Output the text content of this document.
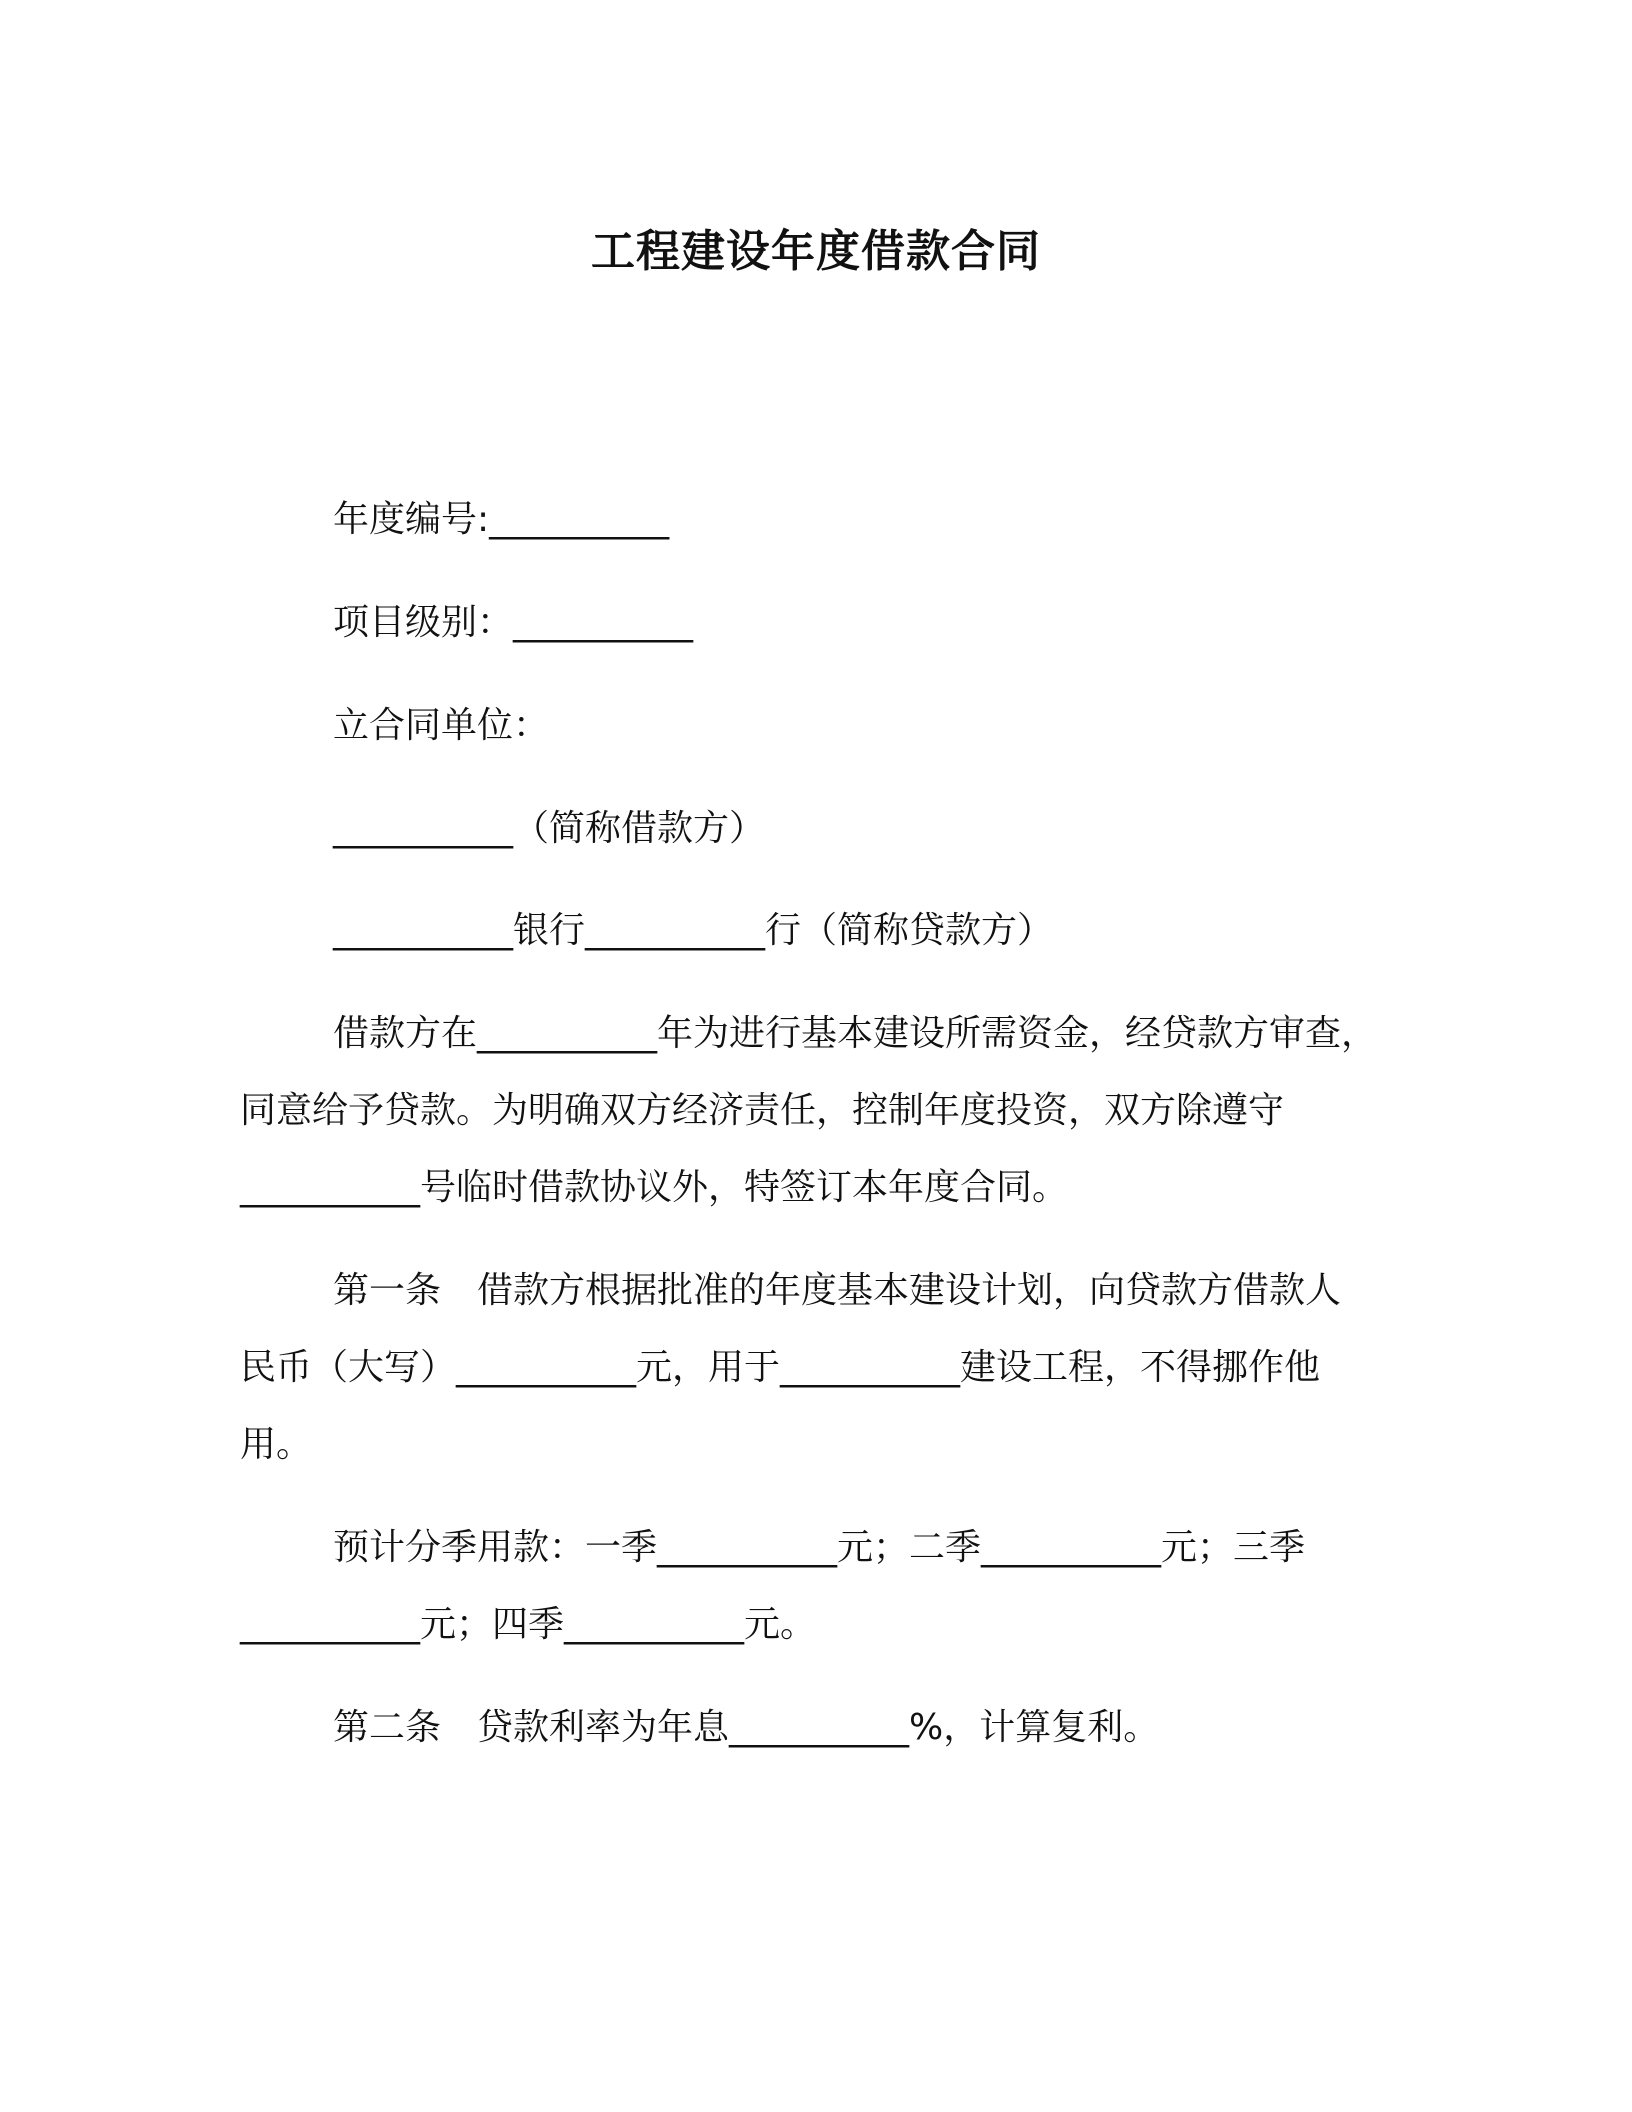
工程建设年度借款合同
年度编号:__________
项目级别：__________
立合同单位：
__________（简称借款方）
__________银行__________行（简称贷款方）
借款方在__________年为进行基本建设所需资金，经贷款方审查，
同意给予贷款。为明确双方经济责任，控制年度投资，双方除遵守
__________号临时借款协议外，特签订本年度合同。
第一条　借款方根据批准的年度基本建设计划，向贷款方借款人
民币（大写）__________元，用于__________建设工程，不得挪作他
用。
预计分季用款：一季__________元；二季__________元；三季
__________元；四季__________元。
第二条　贷款利率为年息__________%，计算复利。
